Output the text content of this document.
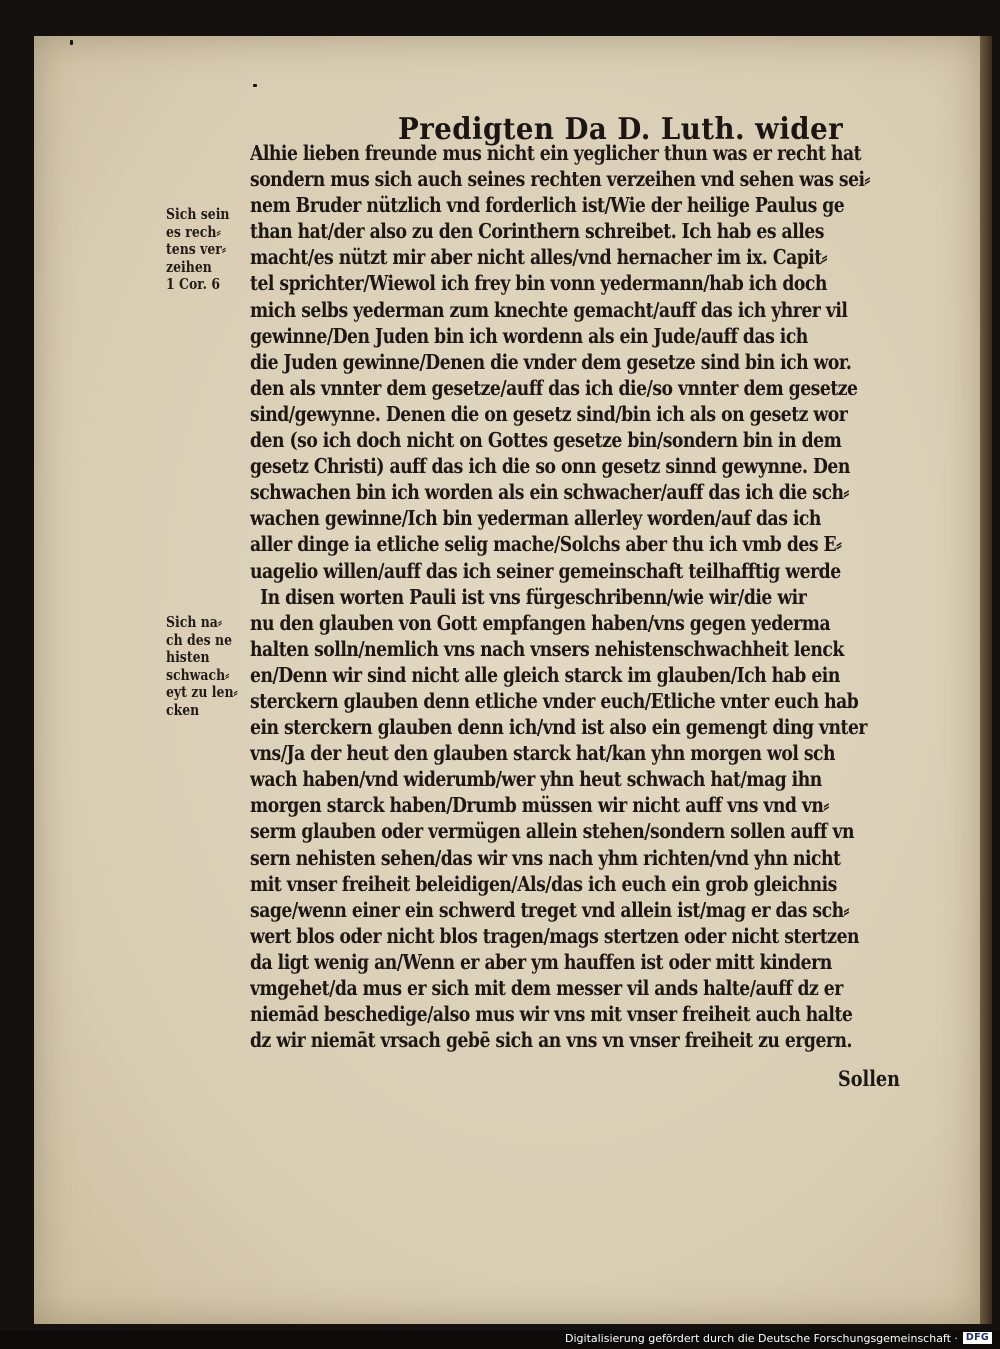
Predigten Da D. Luth. wider
Alhie lieben freunde mus nicht ein yeglicher thun was er recht hat
sondern mus sich auch seines rechten verzeihen vnd sehen was sei⸗
nem Bruder nützlich vnd forderlich ist/Wie der heilige Paulus ge
than hat/der also zu den Corinthern schreibet. Ich hab es alles
macht/es nützt mir aber nicht alles/vnd hernacher im ix. Capit⸗
tel sprichter/Wiewol ich frey bin vonn yedermann/hab ich doch
mich selbs yederman zum knechte gemacht/auff das ich yhrer vil
gewinne/Den Juden bin ich wordenn als ein Jude/auff das ich
die Juden gewinne/Denen die vnder dem gesetze sind bin ich wor.
den als vnnter dem gesetze/auff das ich die/so vnnter dem gesetze
sind/gewynne. Denen die on gesetz sind/bin ich als on gesetz wor
den (so ich doch nicht on Gottes gesetze bin/sondern bin in dem
gesetz Christi) auff das ich die so onn gesetz sinnd gewynne. Den
schwachen bin ich worden als ein schwacher/auff das ich die sch⸗
wachen gewinne/Ich bin yederman allerley worden/auf das ich
aller dinge ia etliche selig mache/Solchs aber thu ich vmb des E⸗
uagelio willen/auff das ich seiner gemeinschaft teilhafftig werde
In disen worten Pauli ist vns fürgeschribenn/wie wir/die wir
nu den glauben von Gott empfangen haben/vns gegen yederma
halten solln/nemlich vns nach vnsers nehistenschwachheit lenck
en/Denn wir sind nicht alle gleich starck im glauben/Ich hab ein
sterckern glauben denn etliche vnder euch/Etliche vnter euch hab
ein sterckern glauben denn ich/vnd ist also ein gemengt ding vnter
vns/Ja der heut den glauben starck hat/kan yhn morgen wol sch
wach haben/vnd widerumb/wer yhn heut schwach hat/mag ihn
morgen starck haben/Drumb müssen wir nicht auff vns vnd vn⸗
serm glauben oder vermügen allein stehen/sondern sollen auff vn
sern nehisten sehen/das wir vns nach yhm richten/vnd yhn nicht
mit vnser freiheit beleidigen/Als/das ich euch ein grob gleichnis
sage/wenn einer ein schwerd treget vnd allein ist/mag er das sch⸗
wert blos oder nicht blos tragen/mags stertzen oder nicht stertzen
da ligt wenig an/Wenn er aber ym hauffen ist oder mitt kindern
vmgehet/da mus er sich mit dem messer vil ands halte/auff dz er
niemād beschedige/also mus wir vns mit vnser freiheit auch halte
dz wir niemāt vrsach gebē sich an vns vn vnser freiheit zu ergern.
Sollen
Sich sein
es rech⸗
tens ver⸗
zeihen
1 Cor. 6
Sich na⸗
ch des ne
histen
schwach⸗
eyt zu len⸗
cken
Digitalisierung gefördert durch die Deutsche Forschungsgemeinschaft · DFG
